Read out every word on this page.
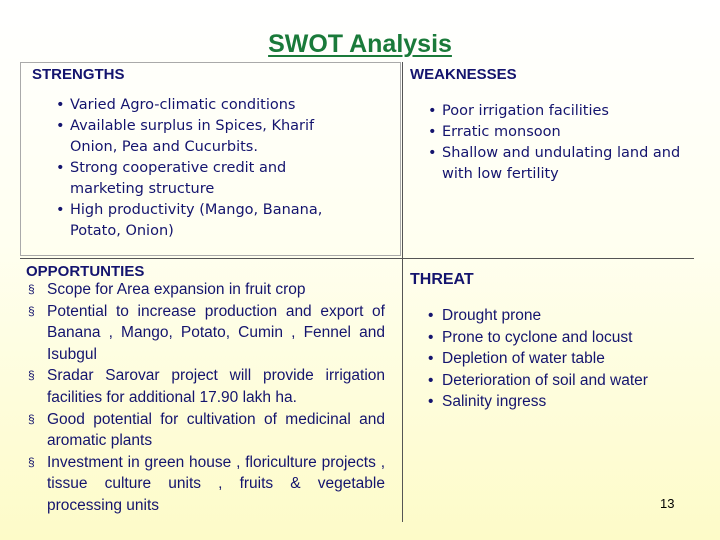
SWOT Analysis
STRENGTHS
• Varied Agro-climatic conditions
• Available surplus in Spices, Kharif Onion, Pea and Cucurbits.
• Strong cooperative credit and marketing structure
• High productivity (Mango, Banana, Potato, Onion)
WEAKNESSES
• Poor irrigation facilities
• Erratic monsoon
• Shallow and undulating land and with low fertility
OPPORTUNTIES
§ Scope for Area expansion in fruit crop
§ Potential to increase production and export of Banana , Mango, Potato, Cumin , Fennel and Isubgul
§ Sradar Sarovar project will provide irrigation facilities for additional 17.90 lakh ha.
§ Good potential for cultivation of medicinal and aromatic plants
§ Investment in green house , floriculture projects , tissue culture units , fruits & vegetable processing units
THREAT
• Drought prone
• Prone to cyclone and locust
• Depletion of water table
• Deterioration of soil and water
• Salinity ingress
13
